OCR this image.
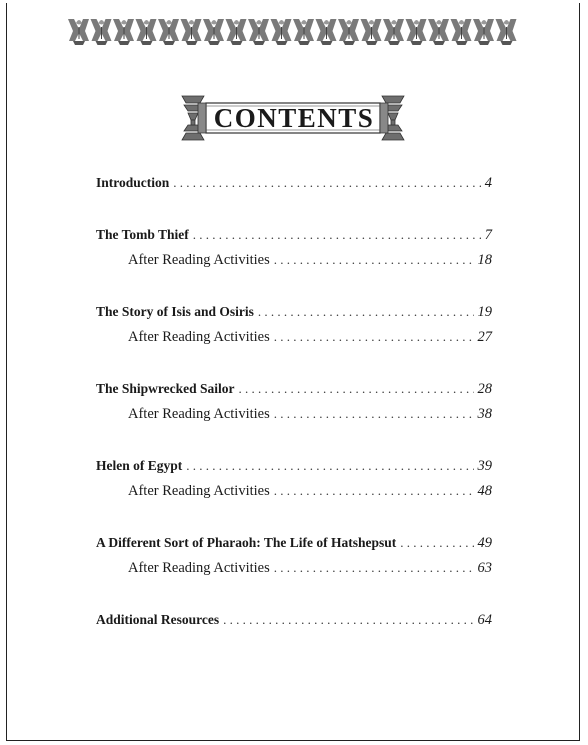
CONTENTS
Introduction . . .	4
The Tomb Thief . . .	7
After Reading Activities . . .	18
The Story of Isis and Osiris . . .	19
After Reading Activities . . .	27
The Shipwrecked Sailor . . .	28
After Reading Activities . . .	38
Helen of Egypt . . .	39
After Reading Activities . . .	48
A Different Sort of Pharaoh: The Life of Hatshepsut . . .	49
After Reading Activities . . .	63
Additional Resources . . .	64
